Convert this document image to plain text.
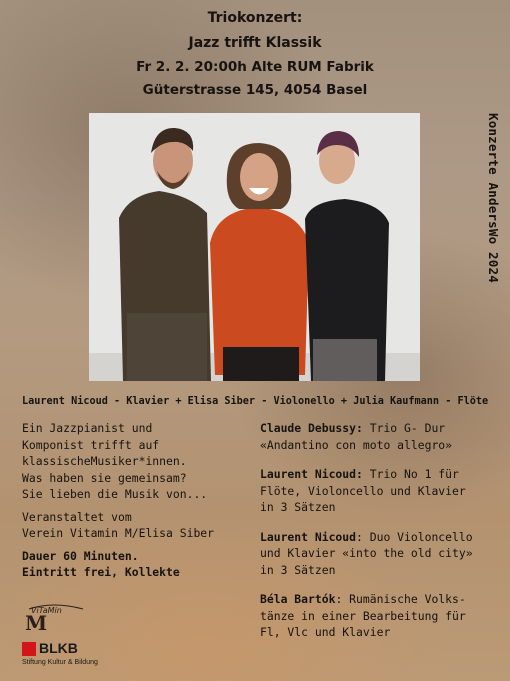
Triokonzert:
Jazz trifft Klassik
Fr 2. 2. 20:00h Alte RUM Fabrik
Güterstrasse 145, 4054 Basel
Konzerte AndersWo 2024
Laurent Nicoud - Klavier + Elisa Siber - Violonello + Julia Kaufmann - Flöte

Ein Jazzpianist und
Komponist trifft auf
klassischeMusiker*innen.
Was haben sie gemeinsam?
Sie lieben die Musik von...

Veranstaltet vom
Verein Vitamin M/Elisa Siber

Dauer 60 Minuten.
Eintritt frei, Kollekte

Claude Debussy: Trio G- Dur
«Andantino con moto allegro»
Laurent Nicoud: Trio No 1 für
Flöte, Violoncello und Klavier
in 3 Sätzen
Laurent Nicoud: Duo Violoncello
und Klavier «into the old city»
in 3 Sätzen
Béla Bartók: Rumänische Volks-
tänze in einer Bearbeitung für
Fl, Vlc und Klavier
ViTaMin
M
BLKB
Stiftung Kultur & Bildung
